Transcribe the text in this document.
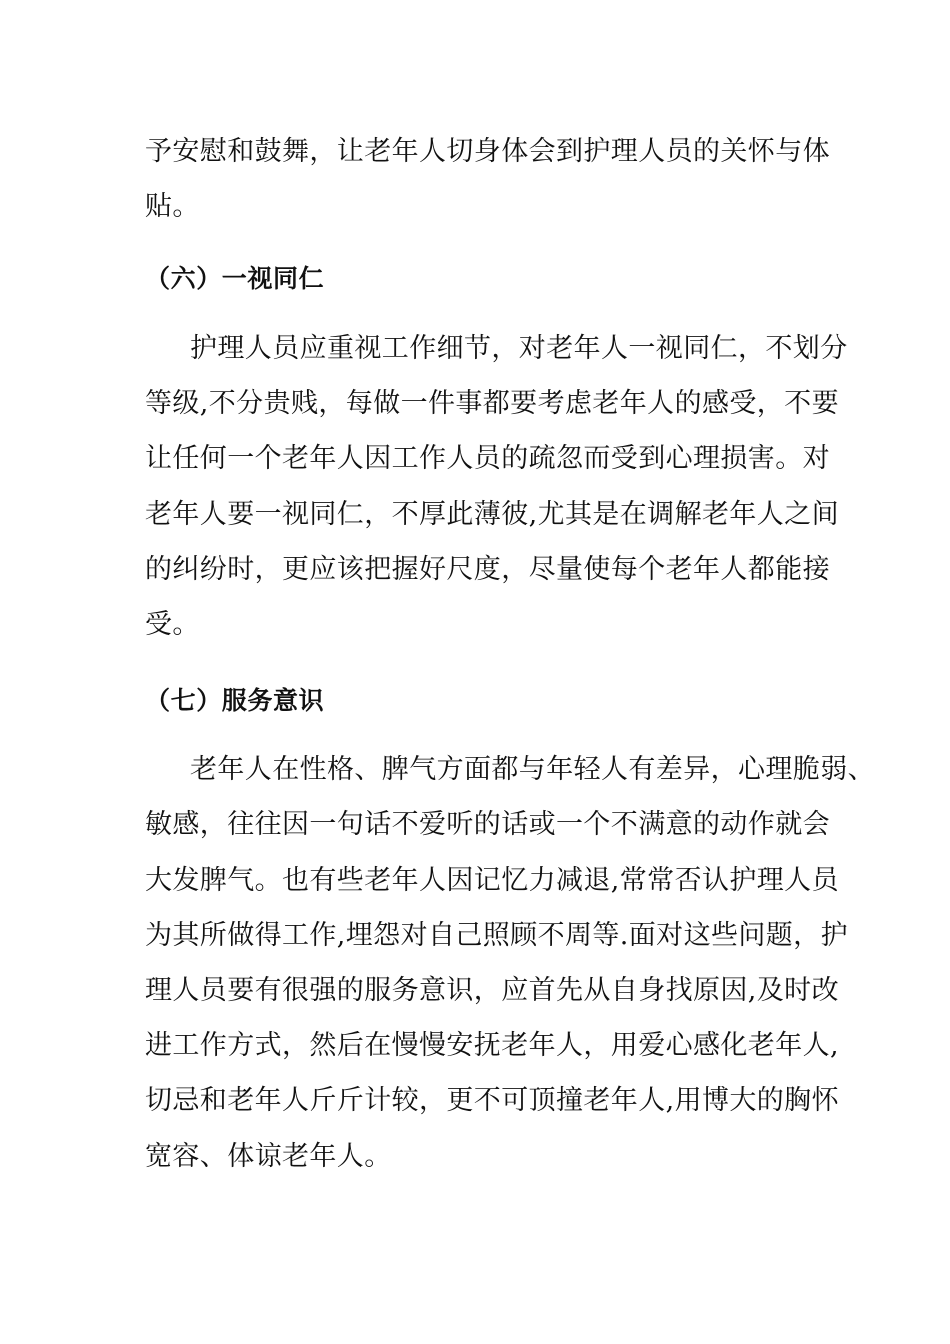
予安慰和鼓舞，让老年人切身体会到护理人员的关怀与体
贴。
（六）一视同仁
护理人员应重视工作细节，对老年人一视同仁，不划分
等级,不分贵贱，每做一件事都要考虑老年人的感受，不要
让任何一个老年人因工作人员的疏忽而受到心理损害。对
老年人要一视同仁，不厚此薄彼,尤其是在调解老年人之间
的纠纷时，更应该把握好尺度，尽量使每个老年人都能接
受。
（七）服务意识
老年人在性格、脾气方面都与年轻人有差异，心理脆弱、
敏感，往往因一句话不爱听的话或一个不满意的动作就会
大发脾气。也有些老年人因记忆力减退,常常否认护理人员
为其所做得工作,埋怨对自己照顾不周等.面对这些问题，护
理人员要有很强的服务意识，应首先从自身找原因,及时改
进工作方式，然后在慢慢安抚老年人，用爱心感化老年人,
切忌和老年人斤斤计较，更不可顶撞老年人,用博大的胸怀
宽容、体谅老年人。
